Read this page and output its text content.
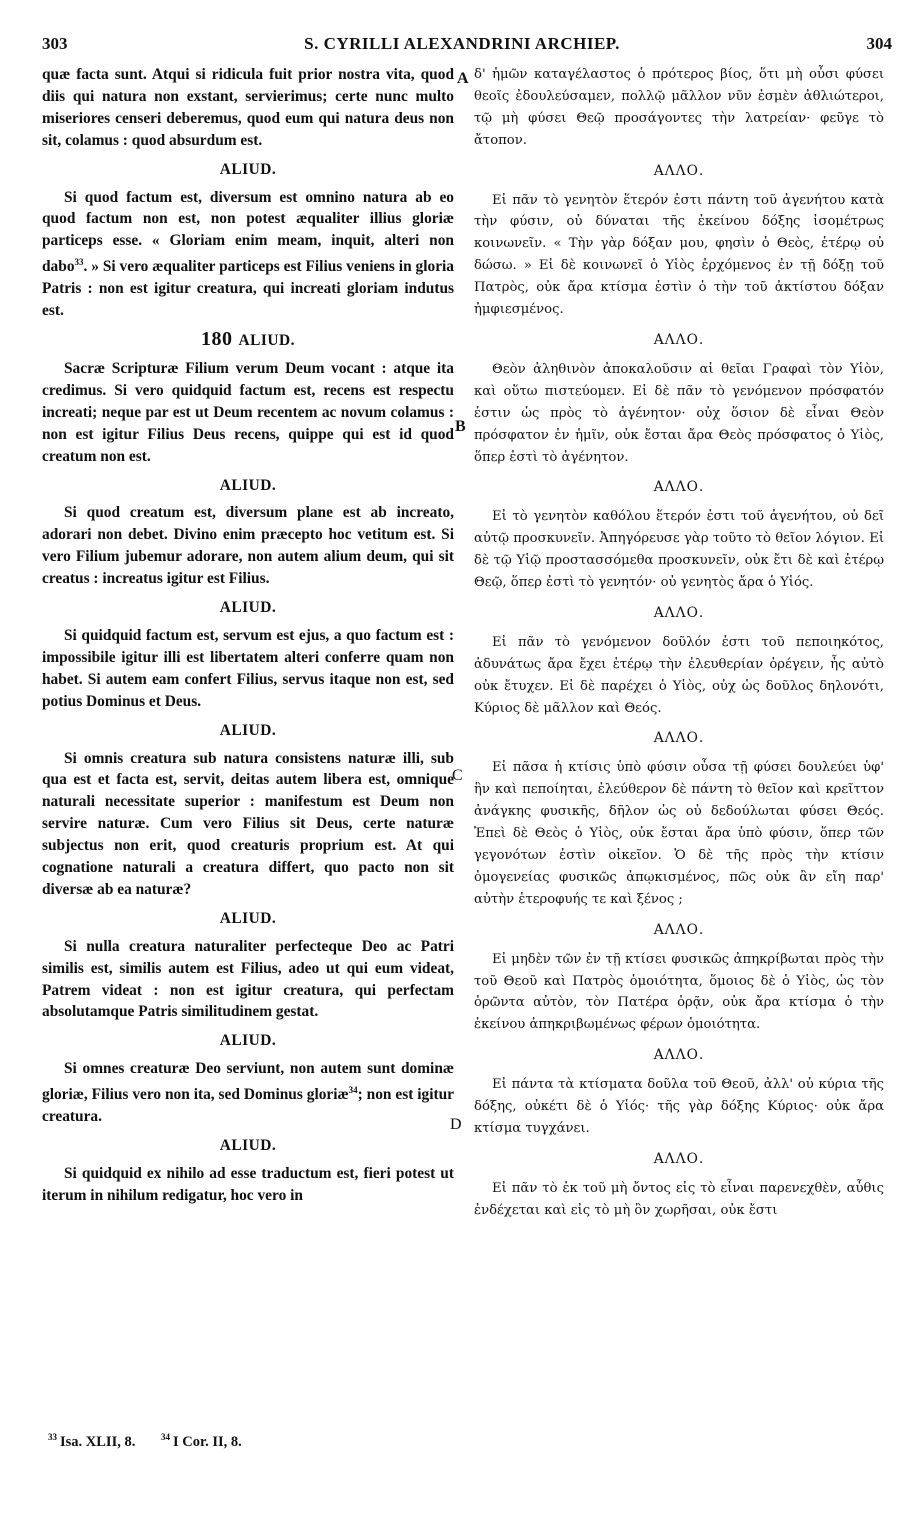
303	S. CYRILLI ALEXANDRINI ARCHIEP.	304
A
B
C
D

quæ facta sunt. Atqui si ridicula fuit prior nostra vita, quod diis qui natura non exstant, servierimus; certe nunc multo miseriores censeri deberemus, quod eum qui natura deus non sit, colamus : quod absurdum est.

ALIUD.

Si quod factum est, diversum est omnino natura ab eo quod factum non est, non potest æqualiter illius gloriæ particeps esse. « Gloriam enim meam, inquit, alteri non dabo$^{33}$. » Si vero æqualiter particeps est Filius veniens in gloria Patris : non est igitur creatura, qui increati gloriam indutus est.

180 ALIUD.

Sacræ Scripturæ Filium verum Deum vocant : atque ita credimus. Si vero quidquid factum est, recens est respectu increati; neque par est ut Deum recentem ac novum colamus : non est igitur Filius Deus recens, quippe qui est id quod creatum non est.

ALIUD.

Si quod creatum est, diversum plane est ab increato, adorari non debet. Divino enim præcepto hoc vetitum est. Si vero Filium jubemur adorare, non autem alium deum, qui sit creatus : increatus igitur est Filius.

ALIUD.

Si quidquid factum est, servum est ejus, a quo factum est : impossibile igitur illi est libertatem alteri conferre quam non habet. Si autem eam confert Filius, servus itaque non est, sed potius Dominus et Deus.

ALIUD.

Si omnis creatura sub natura consistens naturæ illi, sub qua est et facta est, servit, deitas autem libera est, omnique naturali necessitate superior : manifestum est Deum non servire naturæ. Cum vero Filius sit Deus, certe naturæ subjectus non erit, quod creaturis proprium est. At qui cognatione naturali a creatura differt, quo pacto non sit diversæ ab ea naturæ?

ALIUD.

Si nulla creatura naturaliter perfecteque Deo ac Patri similis est, similis autem est Filius, adeo ut qui eum videat, Patrem videat : non est igitur creatura, qui perfectam absolutamque Patris similitudinem gestat.

ALIUD.

Si omnes creaturæ Deo serviunt, non autem sunt dominæ gloriæ, Filius vero non ita, sed Dominus gloriæ$^{34}$; non est igitur creatura.

ALIUD.

Si quidquid ex nihilo ad esse traductum est, fieri potest ut iterum in nihilum redigatur, hoc vero in

δ' ἡμῶν καταγέλαστος ὁ πρότερος βίος, ὅτι μὴ οὖσι φύσει θεοῖς ἐδουλεύσαμεν, πολλῷ μᾶλλον νῦν ἐσμὲν ἀθλιώτεροι, τῷ μὴ φύσει Θεῷ προσάγοντες τὴν λατρείαν· φεῦγε τὸ ἄτοπον.

ΑΛΛΟ.

Εἰ πᾶν τὸ γενητὸν ἕτερόν ἐστι πάντη τοῦ ἀγενήτου κατὰ τὴν φύσιν, οὐ δύναται τῆς ἐκείνου δόξης ἰσομέτρως κοινωνεῖν. « Τὴν γὰρ δόξαν μου, φησὶν ὁ Θεὸς, ἑτέρῳ οὐ δώσω. » Εἰ δὲ κοινωνεῖ ὁ Υἱὸς ἐρχόμενος ἐν τῇ δόξῃ τοῦ Πατρὸς, οὐκ ἄρα κτίσμα ἐστὶν ὁ τὴν τοῦ ἀκτίστου δόξαν ἠμφιεσμένος.

ΑΛΛΟ.

Θεὸν ἀληθινὸν ἀποκαλοῦσιν αἱ θεῖαι Γραφαὶ τὸν Υἱὸν, καὶ οὕτω πιστεύομεν. Εἰ δὲ πᾶν τὸ γενόμενον πρόσφατόν ἐστιν ὡς πρὸς τὸ ἀγένητον· οὐχ ὅσιον δὲ εἶναι Θεὸν πρόσφατον ἐν ἡμῖν, οὐκ ἔσται ἄρα Θεὸς πρόσφατος ὁ Υἱὸς, ὅπερ ἐστὶ τὸ ἀγένητον.

ΑΛΛΟ.

Εἰ τὸ γενητὸν καθόλου ἕτερόν ἐστι τοῦ ἀγενήτου, οὐ δεῖ αὐτῷ προσκυνεῖν. Ἀπηγόρευσε γὰρ τοῦτο τὸ θεῖον λόγιον. Εἰ δὲ τῷ Υἱῷ προστασσόμεθα προσκυνεῖν, οὐκ ἔτι δὲ καὶ ἑτέρῳ Θεῷ, ὅπερ ἐστὶ τὸ γενητόν· οὐ γενητὸς ἄρα ὁ Υἱός.

ΑΛΛΟ.

Εἰ πᾶν τὸ γενόμενον δοῦλόν ἐστι τοῦ πεποιηκότος, ἀδυνάτως ἄρα ἔχει ἑτέρῳ τὴν ἐλευθερίαν ὀρέγειν, ἧς αὐτὸ οὐκ ἔτυχεν. Εἰ δὲ παρέχει ὁ Υἱὸς, οὐχ ὡς δοῦλος δηλονότι, Κύριος δὲ μᾶλλον καὶ Θεός.

ΑΛΛΟ.

Εἰ πᾶσα ἡ κτίσις ὑπὸ φύσιν οὖσα τῇ φύσει δουλεύει ὑφ' ἣν καὶ πεποίηται, ἐλεύθερον δὲ πάντη τὸ θεῖον καὶ κρεῖττον ἀνάγκης φυσικῆς, δῆλον ὡς οὐ δεδούλωται φύσει Θεός. Ἐπεὶ δὲ Θεὸς ὁ Υἱὸς, οὐκ ἔσται ἄρα ὑπὸ φύσιν, ὅπερ τῶν γεγονότων ἐστὶν οἰκεῖον. Ὁ δὲ τῆς πρὸς τὴν κτίσιν ὁμογενείας φυσικῶς ἀπῳκισμένος, πῶς οὐκ ἂν εἴη παρ' αὐτὴν ἑτεροφυής τε καὶ ξένος ;

ΑΛΛΟ.

Εἰ μηδὲν τῶν ἐν τῇ κτίσει φυσικῶς ἀπηκρίβωται πρὸς τὴν τοῦ Θεοῦ καὶ Πατρὸς ὁμοιότητα, ὅμοιος δὲ ὁ Υἱὸς, ὡς τὸν ὁρῶντα αὐτὸν, τὸν Πατέρα ὁρᾷν, οὐκ ἄρα κτίσμα ὁ τὴν ἐκείνου ἀπηκριβωμένως φέρων ὁμοιότητα.

ΑΛΛΟ.

Εἰ πάντα τὰ κτίσματα δοῦλα τοῦ Θεοῦ, ἀλλ' οὐ κύρια τῆς δόξης, οὐκέτι δὲ ὁ Υἱός· τῆς γὰρ δόξης Κύριος· οὐκ ἄρα κτίσμα τυγχάνει.

ΑΛΛΟ.

Εἰ πᾶν τὸ ἐκ τοῦ μὴ ὄντος εἰς τὸ εἶναι παρενεχθὲν, αὖθις ἐνδέχεται καὶ εἰς τὸ μὴ ὂν χωρῆσαι, οὐκ ἔστι

$^{33}$ Isa. XLII, 8.	$^{34}$ I Cor. II, 8.
